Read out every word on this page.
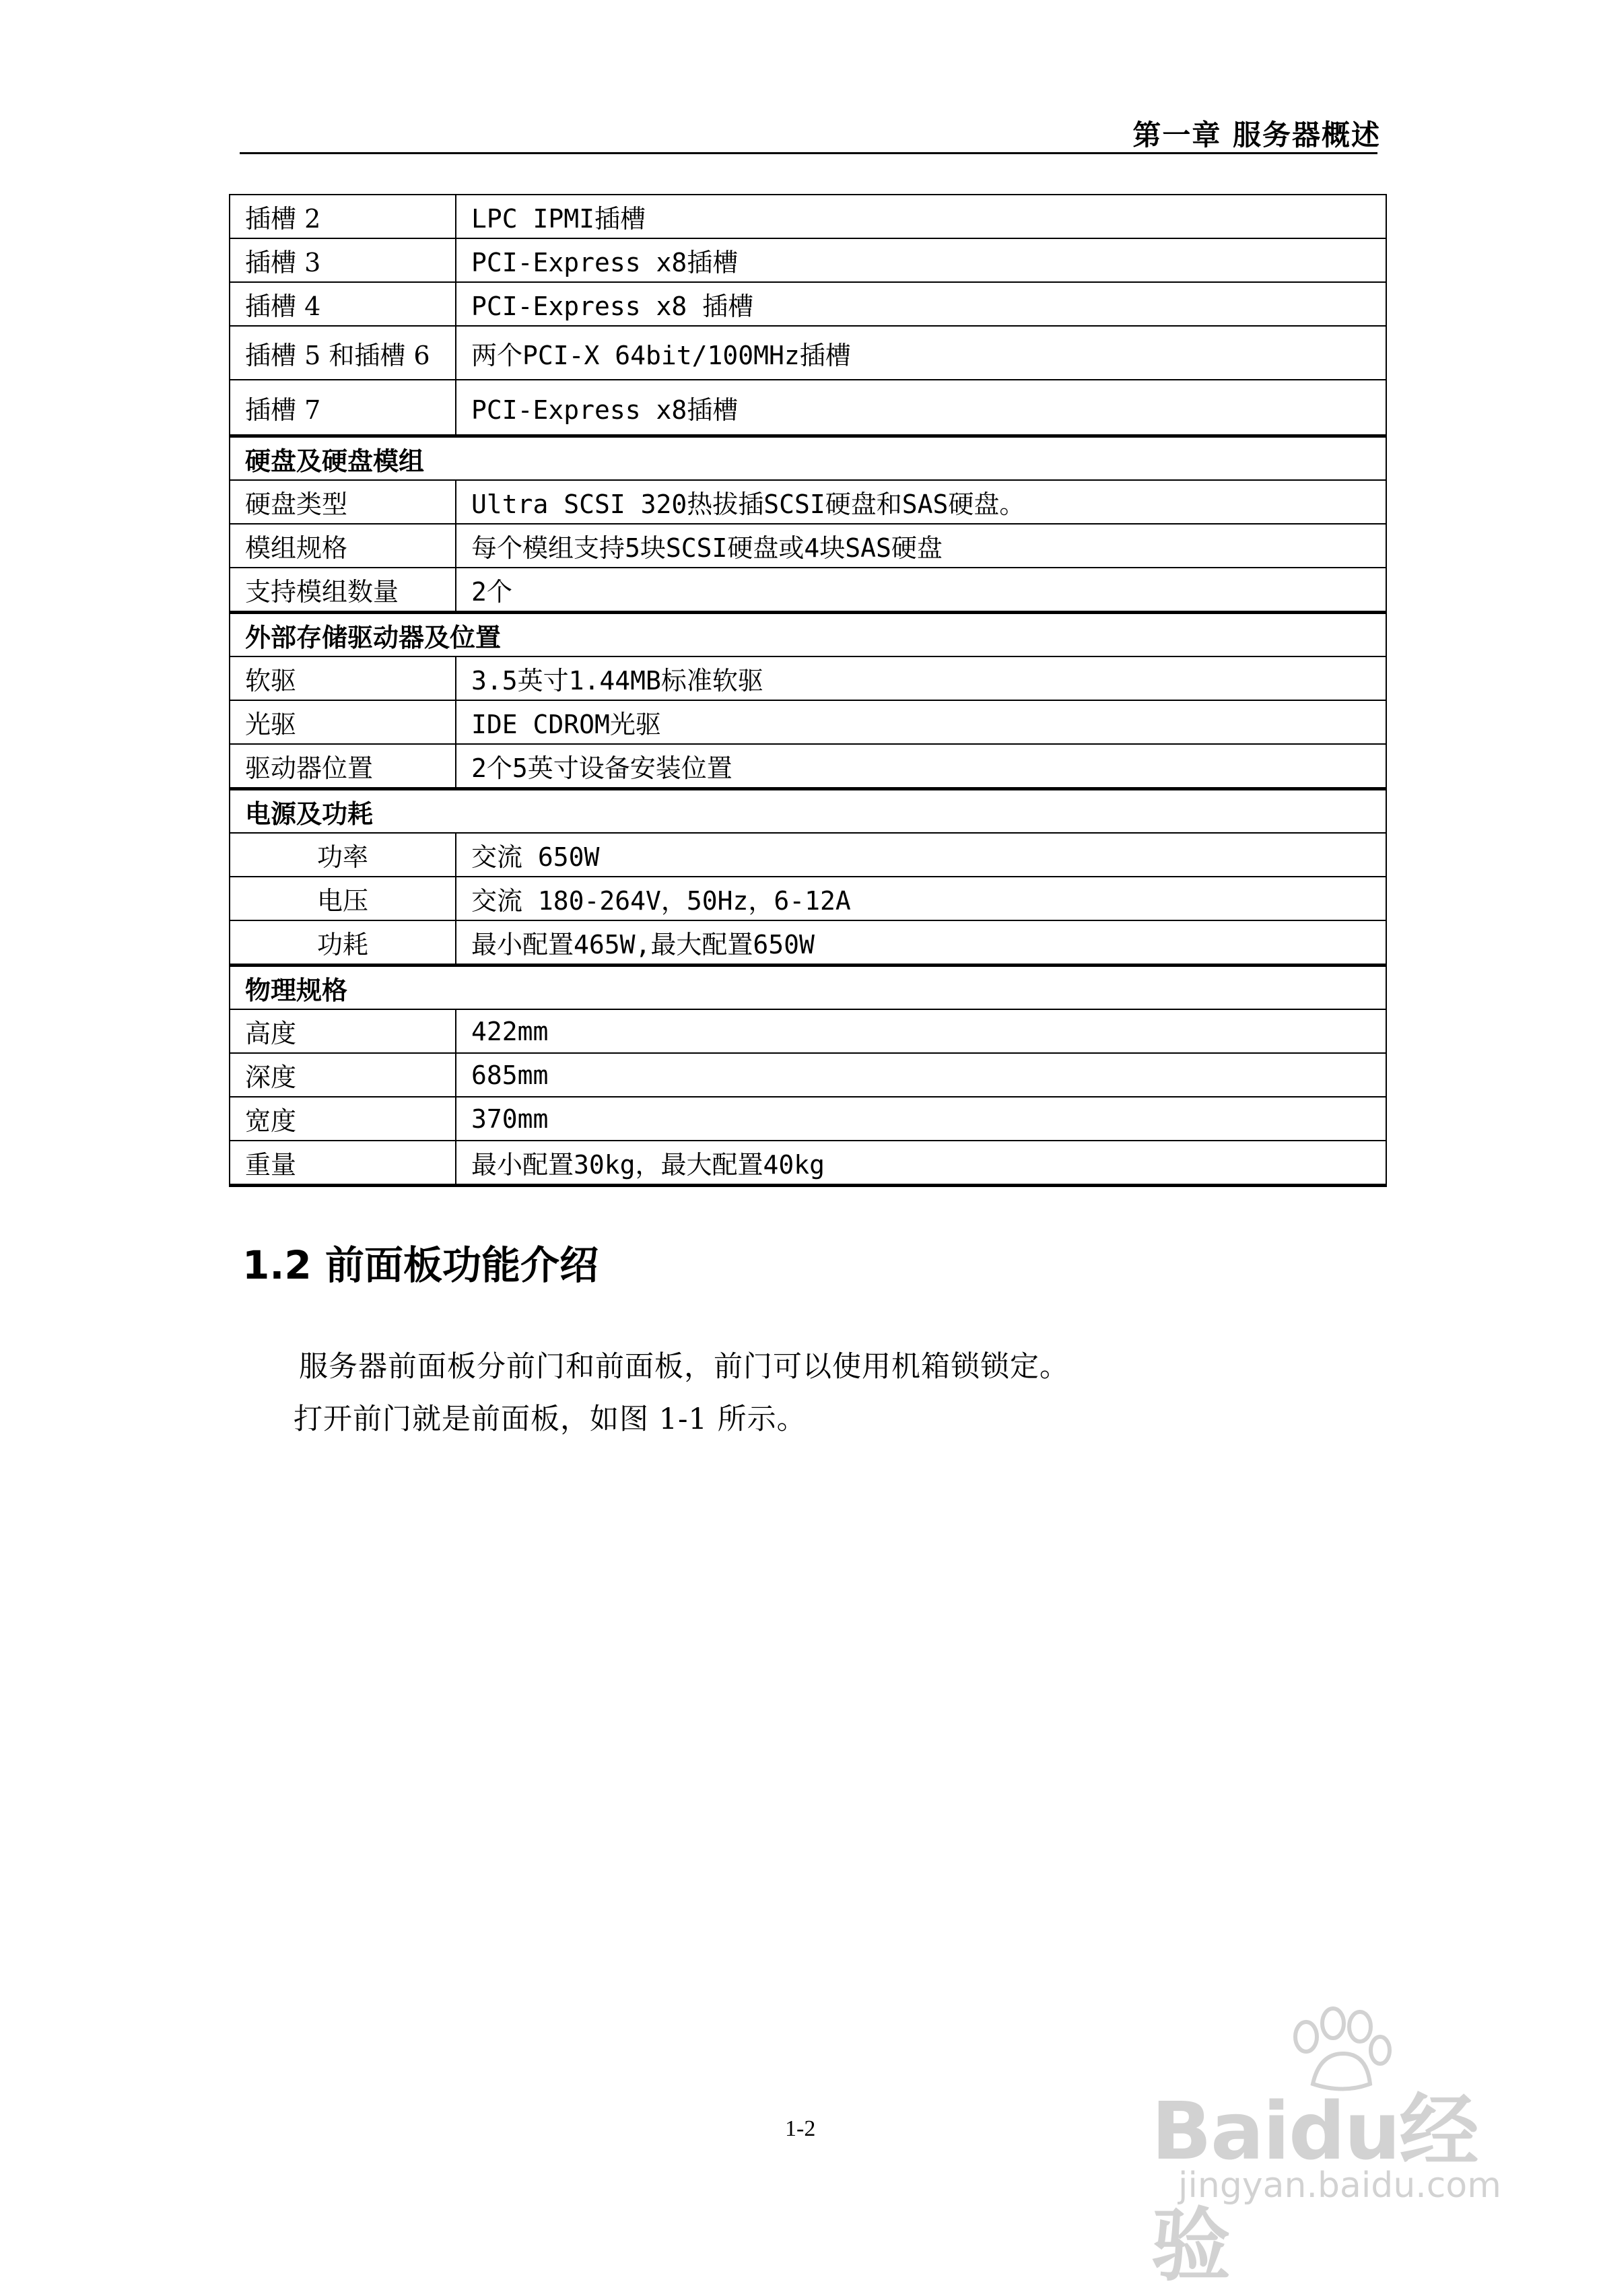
第一章 服务器概述
插槽 2	LPC IPMI插槽
插槽 3	PCI-Express x8插槽
插槽 4	PCI-Express x8 插槽
插槽 5 和插槽 6	两个PCI-X 64bit/100MHz插槽
插槽 7	PCI-Express x8插槽
硬盘及硬盘模组	
硬盘类型	Ultra SCSI 320热拔插SCSI硬盘和SAS硬盘。
模组规格	每个模组支持5块SCSI硬盘或4块SAS硬盘
支持模组数量	2个
外部存储驱动器及位置	
软驱	3.5英寸1.44MB标准软驱
光驱	IDE CDROM光驱
驱动器位置	2个5英寸设备安装位置
电源及功耗	
功率	交流 650W
电压	交流 180-264V，50Hz，6-12A
功耗	最小配置465W,最大配置650W
物理规格	
高度	422mm
深度	685mm
宽度	370mm
重量	最小配置30kg，最大配置40kg
1.2 前面板功能介绍
服务器前面板分前门和前面板，前门可以使用机箱锁锁定。
打开前门就是前面板，如图 1-1 所示。
1-2	Baidu经验
jingyan.baidu.com
